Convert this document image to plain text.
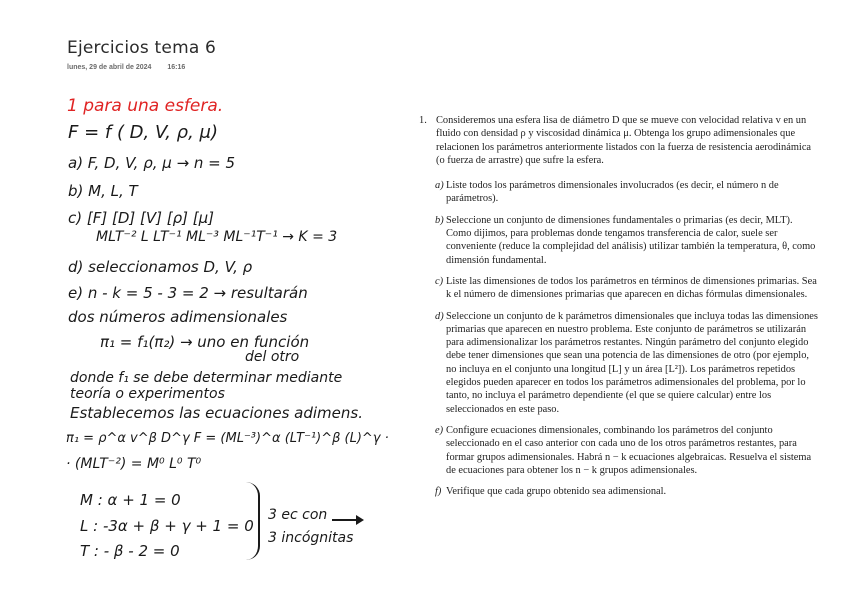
Ejercicios tema 6
lunes, 29 de abril de 2024 16:16
1 para una esfera.
F = f ( D, V, ρ, μ)
a) F, D, V, ρ, μ → n = 5
b) M, L, T
c) [F] [D] [V] [ρ] [μ]
MLT⁻² L LT⁻¹ ML⁻³ ML⁻¹T⁻¹ → K = 3
d) seleccionamos D, V, ρ
e) n - k = 5 - 3 = 2 → resultarán
dos números adimensionales
π₁ = f₁(π₂) → uno en función
del otro
donde f₁ se debe determinar mediante
teoría o experimentos
Establecemos las ecuaciones adimens.
π₁ = ρ^α v^β D^γ F = (ML⁻³)^α (LT⁻¹)^β (L)^γ ·
· (MLT⁻²) = M⁰ L⁰ T⁰
M : α + 1 = 0
L : -3α + β + γ + 1 = 0
T : - β - 2 = 0
3 ec con
3 incógnitas
1. Consideremos una esfera lisa de diámetro D que se mueve con velocidad relativa v en un fluido con densidad ρ y viscosidad dinámica μ. Obtenga los grupo adimensionales que relacionen los parámetros anteriormente listados con la fuerza de resistencia aerodinámica (o fuerza de arrastre) que sufre la esfera.
a) Liste todos los parámetros dimensionales involucrados (es decir, el número n de parámetros).
b) Seleccione un conjunto de dimensiones fundamentales o primarias (es decir, MLT). Como dijimos, para problemas donde tengamos transferencia de calor, suele ser conveniente (reduce la complejidad del análisis) utilizar también la temperatura, θ, como dimensión fundamental.
c) Liste las dimensiones de todos los parámetros en términos de dimensiones primarias. Sea k el número de dimensiones primarias que aparecen en dichas fórmulas dimensionales.
d) Seleccione un conjunto de k parámetros dimensionales que incluya todas las dimensiones primarias que aparecen en nuestro problema. Este conjunto de parámetros se utilizarán para adimensionalizar los parámetros restantes. Ningún parámetro del conjunto elegido debe tener dimensiones que sean una potencia de las dimensiones de otro (por ejemplo, no incluya en el conjunto una longitud [L] y un área [L²]). Los parámetros repetidos elegidos pueden aparecer en todos los parámetros adimensionales del problema, por lo tanto, no incluya el parámetro dependiente (el que se quiere calcular) entre los seleccionados en este paso.
e) Configure ecuaciones dimensionales, combinando los parámetros del conjunto seleccionado en el caso anterior con cada uno de los otros parámetros restantes, para formar grupos adimensionales. Habrá n − k ecuaciones algebraicas. Resuelva el sistema de ecuaciones para obtener los n − k grupos adimensionales.
f) Verifique que cada grupo obtenido sea adimensional.
